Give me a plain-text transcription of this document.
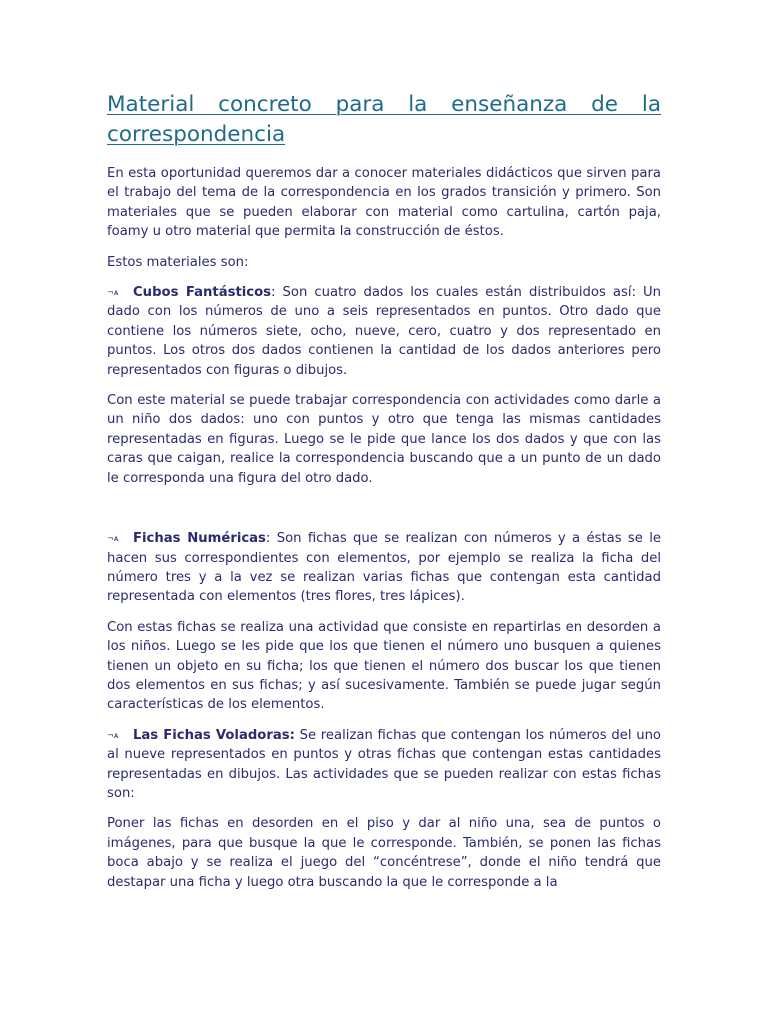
Material concreto para la enseñanza de la correspondencia

En esta oportunidad queremos dar a conocer materiales didácticos que sirven para el trabajo del tema de la correspondencia en los grados transición y primero. Son materiales que se pueden elaborar con material como cartulina, cartón paja, foamy u otro material que permita la construcción de éstos.

Estos materiales son:

¬ᴀ Cubos Fantásticos: Son cuatro dados los cuales están distribuidos así: Un dado con los números de uno a seis representados en puntos. Otro dado que contiene los números siete, ocho, nueve, cero, cuatro y dos representado en puntos. Los otros dos dados contienen la cantidad de los dados anteriores pero representados con figuras o dibujos.

Con este material se puede trabajar correspondencia con actividades como darle a un niño dos dados: uno con puntos y otro que tenga las mismas cantidades representadas en figuras. Luego se le pide que lance los dos dados y que con las caras que caigan, realice la correspondencia buscando que a un punto de un dado le corresponda una figura del otro dado.

¬ᴀ Fichas Numéricas: Son fichas que se realizan con números y a éstas se le hacen sus correspondientes con elementos, por ejemplo se realiza la ficha del número tres y a la vez se realizan varias fichas que contengan esta cantidad representada con elementos (tres flores, tres lápices).

Con estas fichas se realiza una actividad que consiste en repartirlas en desorden a los niños. Luego se les pide que los que tienen el número uno busquen a quienes tienen un objeto en su ficha; los que tienen el número dos buscar los que tienen dos elementos en sus fichas; y así sucesivamente. También se puede jugar según características de los elementos.

¬ᴀ Las Fichas Voladoras: Se realizan fichas que contengan los números del uno al nueve representados en puntos y otras fichas que contengan estas cantidades representadas en dibujos. Las actividades que se pueden realizar con estas fichas son:

Poner las fichas en desorden en el piso y dar al niño una, sea de puntos o imágenes, para que busque la que le corresponde. También, se ponen las fichas boca abajo y se realiza el juego del “concéntrese”, donde el niño tendrá que destapar una ficha y luego otra buscando la que le corresponde a la
